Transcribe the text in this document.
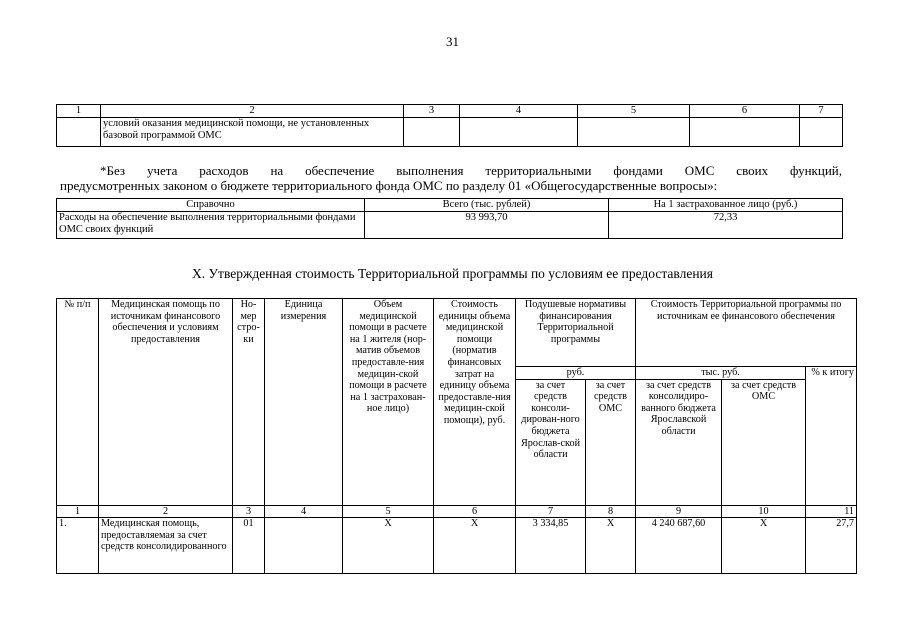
31
1	2	3	4	5	6	7
	условий оказания медицинской помощи, не установленных базовой программой ОМС					
*Без учета расходов на обеспечение выполнения территориальными фондами ОМС своих функций,
предусмотренных законом о бюджете территориального фонда ОМС по разделу 01 «Общегосударственные вопросы»:
Справочно	Всего (тыс. рублей)	На 1 застрахованное лицо (руб.)
Расходы на обеспечение выполнения территориальными фондами ОМС своих функций	93 993,70	72,33
X. Утвержденная стоимость Территориальной программы по условиям ее предоставления
№ п/п	Медицинская помощь по источникам финансового обеспечения и условиям предоставления	Но-мер стро-ки	Единица измерения	Объем медицинской помощи в расчете на 1 жителя (нор-матив объемов предоставле-ния медицин-ской помощи в расчете на 1 застрахован-ное лицо)	Стоимость единицы объема медицинской помощи (норматив финансовых затрат на единицу объема предоставле-ния медицин-ской помощи), руб.	Подушевые нормативы финансирования Территориальной программы		Стоимость Территориальной программы по источникам ее финансового обеспечения		
						руб.		тыс. руб.		% к итогу
						за счет средств консоли-дирован-ного бюджета Ярослав-ской области	за счет средств ОМС	за счет средств консолидиро-ванного бюджета Ярославской области	за счет средств ОМС	
1	2	3	4	5	6	7	8	9	10	11
1.	Медицинская помощь, предоставляемая за счет средств консолидированного	01		Х	Х	3 334,85	Х	4 240 687,60	Х	27,7
